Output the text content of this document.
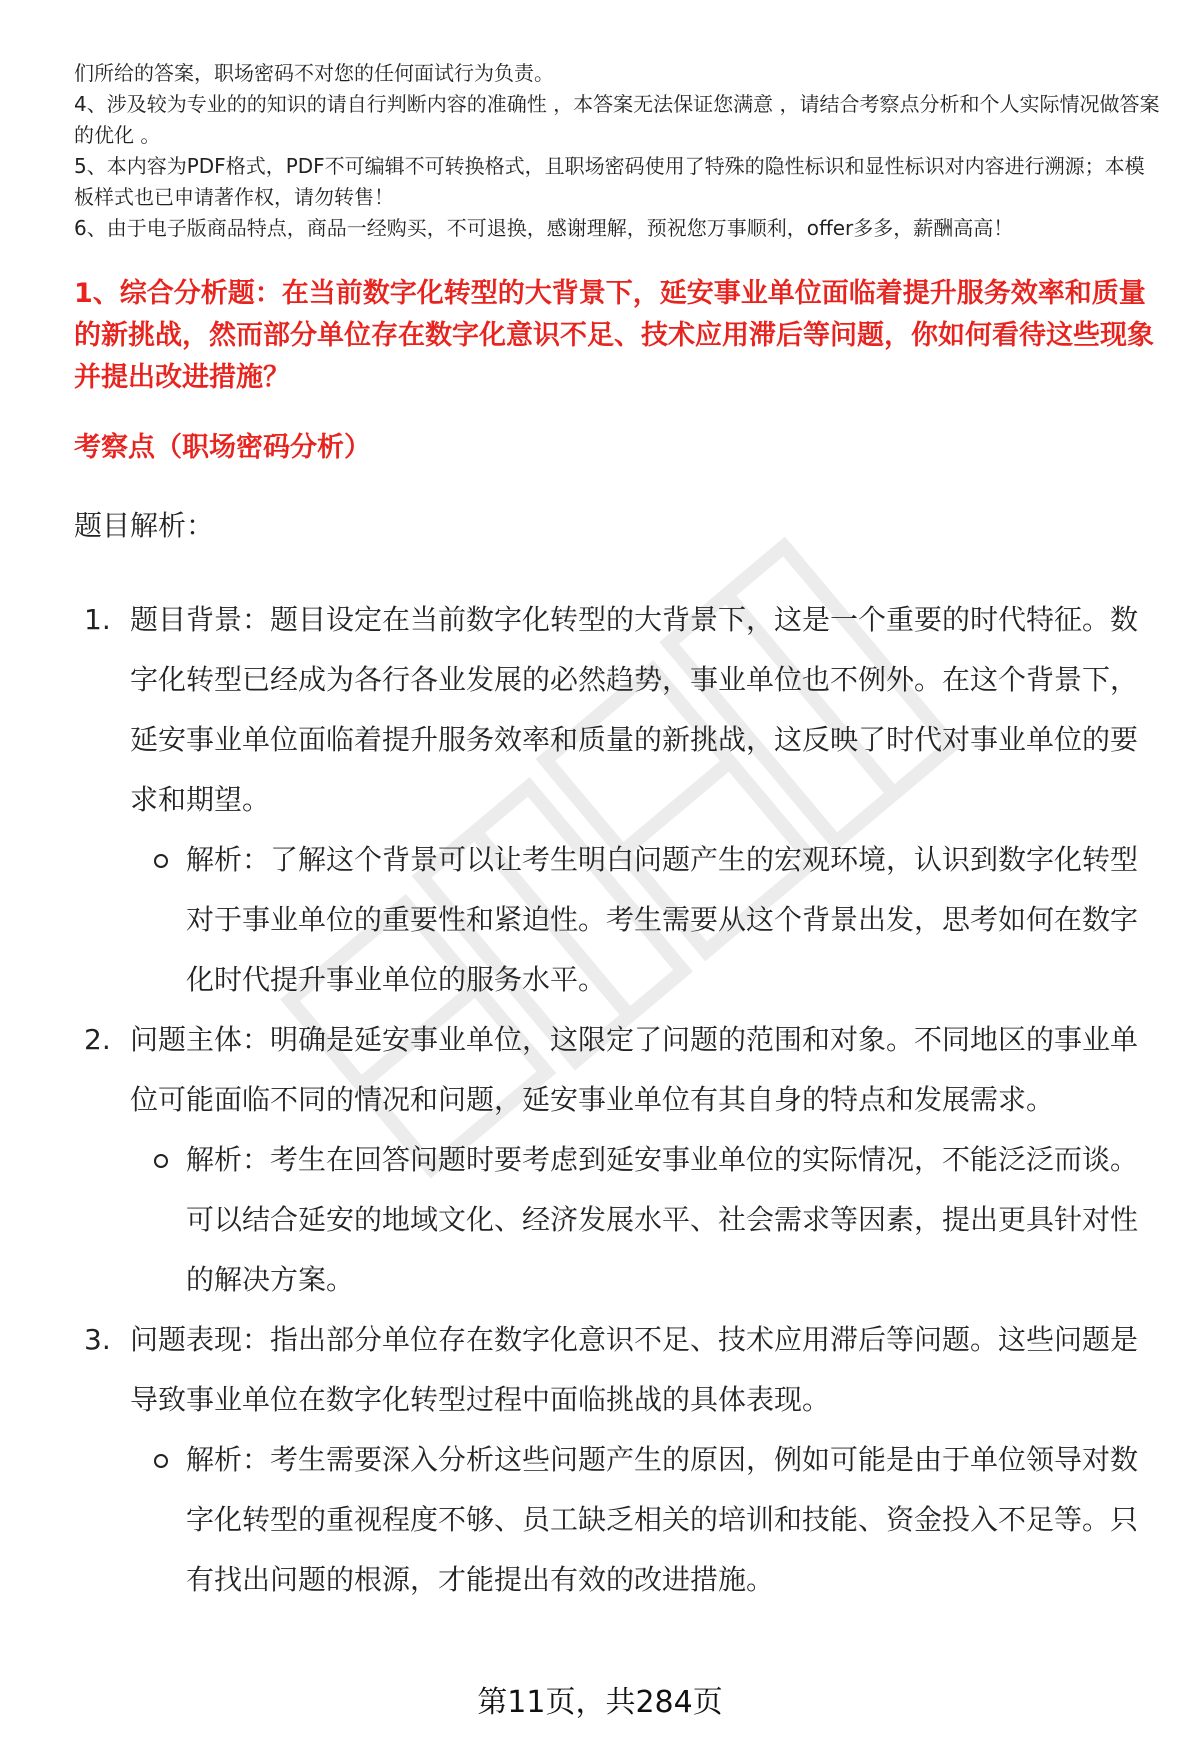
们所给的答案，职场密码不对您的任何面试行为负责。

4、涉及较为专业的的知识的请自行判断内容的准确性 ，本答案无法保证您满意 ，请结合考察点分析和个人实际情况做答案的优化 。

5、本内容为PDF格式，PDF不可编辑不可转换格式，且职场密码使用了特殊的隐性标识和显性标识对内容进行溯源；本模板样式也已申请著作权，请勿转售！

6、由于电子版商品特点，商品一经购买，不可退换，感谢理解，预祝您万事顺利，offer多多，薪酬高高！

1、综合分析题：在当前数字化转型的大背景下，延安事业单位面临着提升服务效率和质量的新挑战，然而部分单位存在数字化意识不足、技术应用滞后等问题，你如何看待这些现象并提出改进措施？

考察点（职场密码分析）

题目解析：

1. 题目背景：题目设定在当前数字化转型的大背景下，这是一个重要的时代特征。数字化转型已经成为各行各业发展的必然趋势，事业单位也不例外。在这个背景下，延安事业单位面临着提升服务效率和质量的新挑战，这反映了时代对事业单位的要求和期望。
解析：了解这个背景可以让考生明白问题产生的宏观环境，认识到数字化转型对于事业单位的重要性和紧迫性。考生需要从这个背景出发，思考如何在数字化时代提升事业单位的服务水平。
2. 问题主体：明确是延安事业单位，这限定了问题的范围和对象。不同地区的事业单位可能面临不同的情况和问题，延安事业单位有其自身的特点和发展需求。
解析：考生在回答问题时要考虑到延安事业单位的实际情况，不能泛泛而谈。可以结合延安的地域文化、经济发展水平、社会需求等因素，提出更具针对性的解决方案。
3. 问题表现：指出部分单位存在数字化意识不足、技术应用滞后等问题。这些问题是导致事业单位在数字化转型过程中面临挑战的具体表现。
解析：考生需要深入分析这些问题产生的原因，例如可能是由于单位领导对数字化转型的重视程度不够、员工缺乏相关的培训和技能、资金投入不足等。只有找出问题的根源，才能提出有效的改进措施。
第11页，共284页
